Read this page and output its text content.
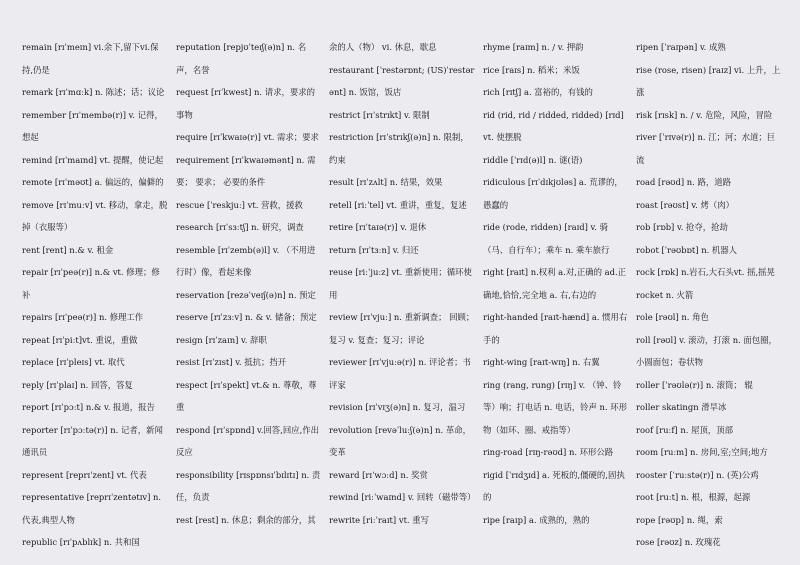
remain [rɪˈmeɪn] vi.余下,留下vi.保持,仍是
remark [rɪˈmɑːk] n. 陈述；话；议论
remember [rɪˈmembə(r)] v. 记得，想起
remind [rɪˈmaɪnd] vt. 提醒，使记起
remote [rɪˈməʊt] a. 偏远的，偏僻的
remove [rɪˈmuːv] vt. 移动，拿走，脱掉（衣服等）
rent [rent] n.& v. 租金
repair [rɪˈpeə(r)] n.& vt. 修理；修补
repairs [rɪˈpeə(r)] n. 修理工作
repeat [rɪˈpiːt]vt. 重说，重做
replace [rɪˈpleɪs] vt. 取代
reply [rɪˈplaɪ] n. 回答，答复
report [rɪˈpɔːt] n.& v. 报道，报告
reporter [rɪˈpɔːtə(r)] n. 记者，新闻通讯员
represent [reprɪˈzent] vt. 代表
representative [reprɪˈzentətɪv] n. 代表,典型人物
republic [rɪˈpʌblɪk] n. 共和国
reputation [repjʊˈteɪʃ(ə)n] n. 名声，名誉
request [rɪˈkwest] n. 请求，要求的事物
require [rɪˈkwaɪə(r)] vt. 需求；要求
requirement [rɪˈkwaɪəmənt] n. 需要； 要求； 必要的条件
rescue [ˈreskjuː] vt. 营救，援救
research [rɪˈsɜːtʃ] n. 研究，调查
resemble [rɪˈzemb(ə)l] v. （不用进行时）像，看起来像
reservation [rezəˈveɪʃ(ə)n] n. 预定
reserve [rɪˈzɜːv] n. & v. 储备；预定
resign [rɪˈzaɪn] v. 辞职
resist [rɪˈzɪst] v. 抵抗；挡开
respect [rɪˈspekt] vt.& n. 尊敬，尊重
respond [rɪˈspɒnd] v.回答,回应,作出反应
responsibility [rɪspɒnsɪˈbɪlɪtɪ] n. 责任，负责
rest [rest] n. 休息；剩余的部分，其
余的人（物） vi. 休息，歇息
restaurant [ˈrestərɒnt; (US)ˈrestərənt] n. 饭馆，饭店
restrict [rɪˈstrɪkt] v. 限制
restriction [rɪˈstrɪkʃ(ə)n] n. 限制，约束
result [rɪˈzʌlt] n. 结果，效果
retell [riːˈtel] vt. 重讲，重复，复述
retire [rɪˈtaɪə(r)] v. 退休
return [rɪˈtɜːn] v. 归还
reuse [riːˈjuːz] vt. 重新使用；循环使用
review [rɪˈvjuː] n. 重新调查； 回顾；复习 v. 复查；复习；评论
reviewer [rɪˈvjuːə(r)] n. 评论者；书评家
revision [rɪˈvɪʒ(ə)n] n. 复习，温习
revolution [revəˈluːʃ(ə)n] n. 革命，变革
reward [rɪˈwɔːd] n. 奖赏
rewind [riːˈwaɪnd] v. 回转（磁带等）
rewrite [riːˈraɪt] vt. 重写
rhyme [raɪm] n. / v. 押韵
rice [raɪs] n. 稻米；米饭
rich [rɪtʃ] a. 富裕的，有钱的
rid (rid, rid / ridded, ridded) [rɪd] vt. 使摆脱
riddle [ˈrɪd(ə)l] n. 谜(语)
ridiculous [rɪˈdɪkjʊləs] a. 荒谬的，愚蠢的
ride (rode, ridden) [raɪd] v. 骑（马、自行车）；乘车 n. 乘车旅行
right [raɪt] n.权利 a.对,正确的 ad.正确地,恰恰,完全地 a. 右,右边的
right-handed [raɪt-hænd] a. 惯用右手的
right-wing [raɪt-wɪŋ] n. 右翼
ring (rang, rung) [rɪŋ] v. （钟、铃等）响；打电话 n. 电话，铃声 n. 环形物（如环、圈、戒指等）
ring-road [rɪŋ-rəʊd] n. 环形公路
rigid [ˈrɪdʒɪd] a. 死板的,僵硬的,固执的
ripe [raɪp] a. 成熟的，熟的
ripen [ˈraɪpən] v. 成熟
rise (rose, risen) [raɪz] vi. 上升，上涨
risk [rɪsk] n. / v. 危险，风险，冒险
river [ˈrɪvə(r)] n. 江；河；水道；巨流
road [rəʊd] n. 路，道路
roast [rəʊst] v. 烤（肉）
rob [rɒb] v. 抢夺，抢劫
robot [ˈrəʊbɒt] n. 机器人
rock [rɒk] n.岩石,大石头vt. 摇,摇晃
rocket n. 火箭
role [rəʊl] n. 角色
roll [rəʊl] v. 滚动，打滚 n. 面包圈，小圆面包；卷状物
roller [ˈrəʊlə(r)] n. 滚筒； 辊
roller skatingn 滑旱冰
roof [ruːf] n. 屋顶，顶部
room [ruːm] n. 房间,室;空间;地方
rooster [ˈruːstə(r)] n. (英)公鸡
root [ruːt] n. 根，根源，起源
rope [rəʊp] n. 绳，索
rose [rəʊz] n. 玫瑰花
